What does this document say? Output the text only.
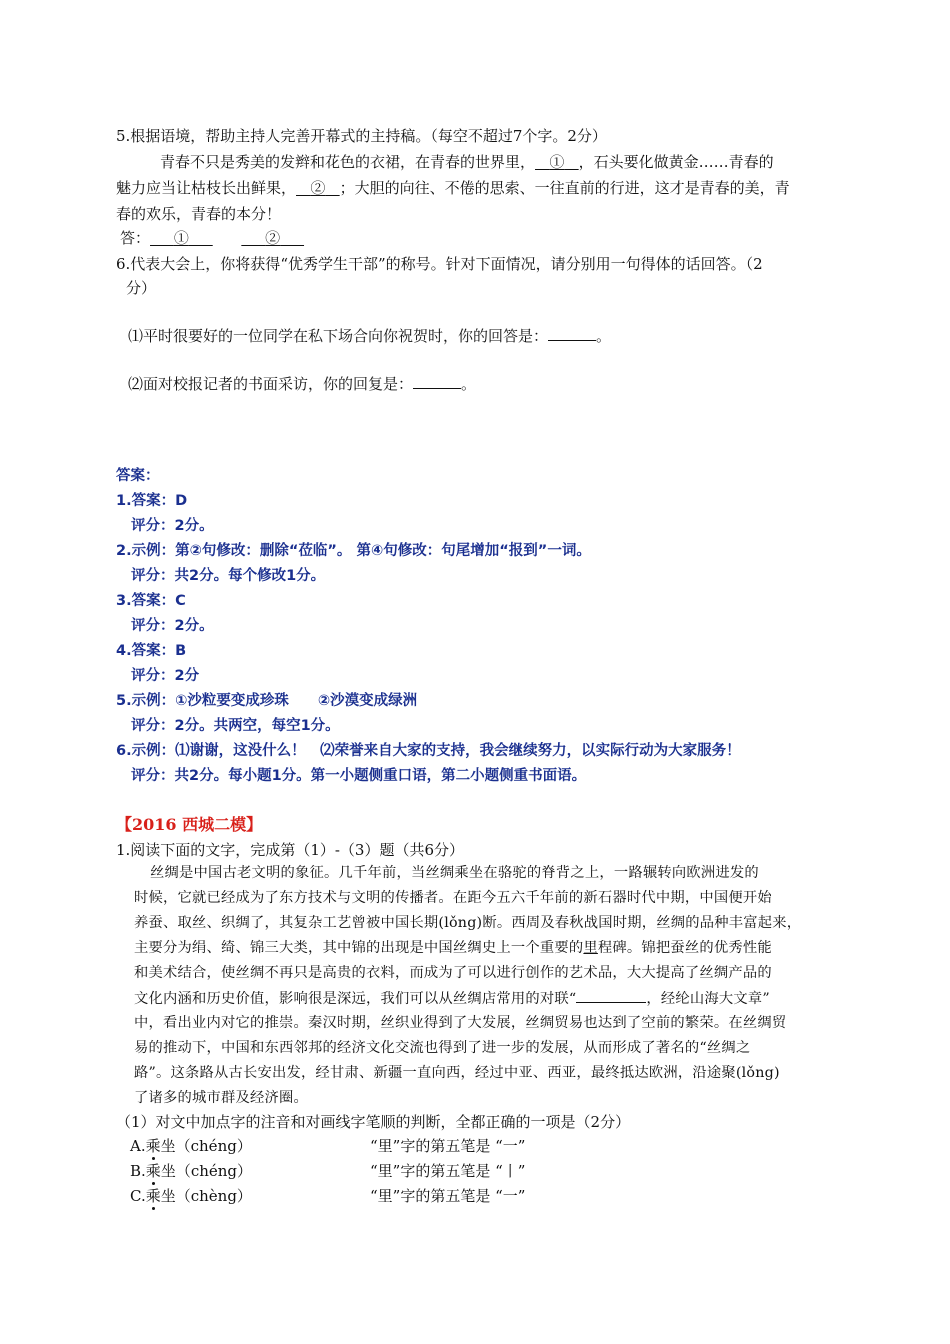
5.根据语境，帮助主持人完善开幕式的主持稿。（每空不超过7个字。2分）
青春不只是秀美的发辫和花色的衣裙，在青春的世界里， ① ，石头要化做黄金……青春的
魅力应当让枯枝长出鲜果， ② ；大胆的向往、不倦的思索、一往直前的行进，这才是青春的美，青
春的欢乐，青春的本分！
答： ①	②
6.代表大会上，你将获得“优秀学生干部”的称号。针对下面情况，请分别用一句得体的话回答。（2
分）
⑴平时很要好的一位同学在私下场合向你祝贺时，你的回答是：	。
⑵面对校报记者的书面采访，你的回复是：	。
答案：
1.答案：D
评分：2分。
2.示例：第②句修改：删除“莅临”。 第④句修改：句尾增加“报到”一词。
评分：共2分。每个修改1分。
3.答案：C
评分：2分。
4.答案：B
评分：2分
5.示例：①沙粒要变成珍珠　　②沙漠变成绿洲
评分：2分。共两空，每空1分。
6.示例：⑴谢谢，这没什么！　⑵荣誉来自大家的支持，我会继续努力，以实际行动为大家服务！
评分：共2分。每小题1分。第一小题侧重口语，第二小题侧重书面语。
【2016 西城二模】
1.阅读下面的文字，完成第（1）-（3）题（共6分）
丝绸是中国古老文明的象征。几千年前，当丝绸乘坐在骆驼的脊背之上，一路辗转向欧洲进发的
时候，它就已经成为了东方技术与文明的传播者。在距今五六千年前的新石器时代中期，中国便开始
养蚕、取丝、织绸了，其复杂工艺曾被中国长期(lǒng)断。西周及春秋战国时期，丝绸的品种丰富起来，
主要分为绢、绮、锦三大类，其中锦的出现是中国丝绸史上一个重要的里程碑。锦把蚕丝的优秀性能
和美术结合，使丝绸不再只是高贵的衣料，而成为了可以进行创作的艺术品，大大提高了丝绸产品的
文化内涵和历史价值，影响很是深远，我们可以从丝绸店常用的对联“	，经纶山海大文章”
中，看出业内对它的推崇。秦汉时期，丝织业得到了大发展，丝绸贸易也达到了空前的繁荣。在丝绸贸
易的推动下，中国和东西邻邦的经济文化交流也得到了进一步的发展，从而形成了著名的“丝绸之
路”。这条路从古长安出发，经甘肃、新疆一直向西，经过中亚、西亚，最终抵达欧洲，沿途聚(lǒng)
了诸多的城市群及经济圈。
（1）对文中加点字的注音和对画线字笔顺的判断，全都正确的一项是（2分）
A.乘坐（chéng）	“里”字的第五笔是 “一”
B.乘坐（chéng）	“里”字的第五笔是 “丨”
C.乘坐（chèng）	“里”字的第五笔是 “一”
